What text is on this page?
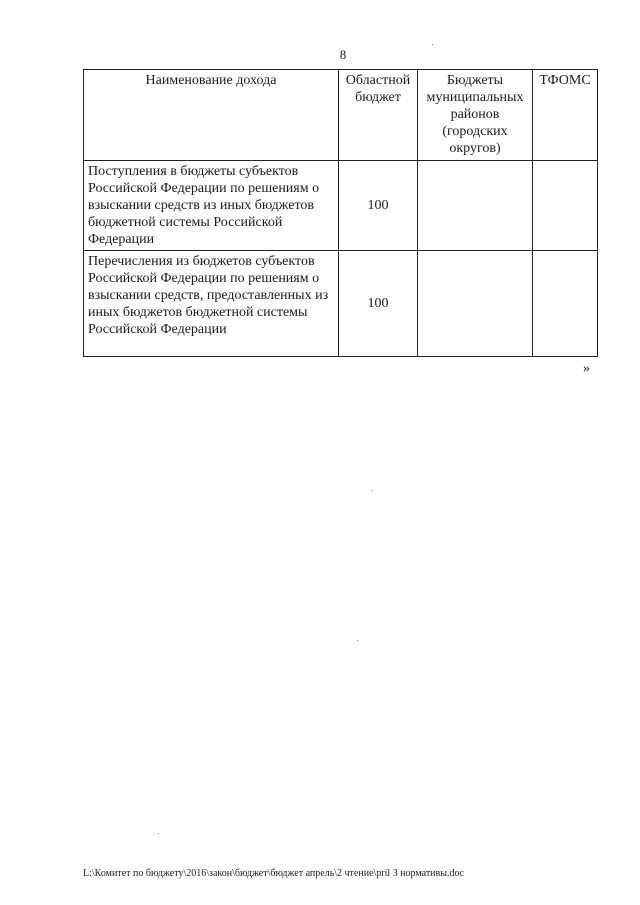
8
Наименование дохода	Областной бюджет	Бюджеты муниципальных районов (городских округов)	ТФОМС
Поступления в бюджеты субъектов Российской Федерации по решениям о взыскании средств из иных бюджетов бюджетной системы Российской Федерации	100		
Перечисления из бюджетов субъектов Российской Федерации по решениям о взыскании средств, предоставленных из иных бюджетов бюджетной системы Российской Федерации	100		
»
L:\Комитет по бюджету\2016\закон\бюджет\бюджет апрель\2 чтение\pril 3 нормативы.doc
